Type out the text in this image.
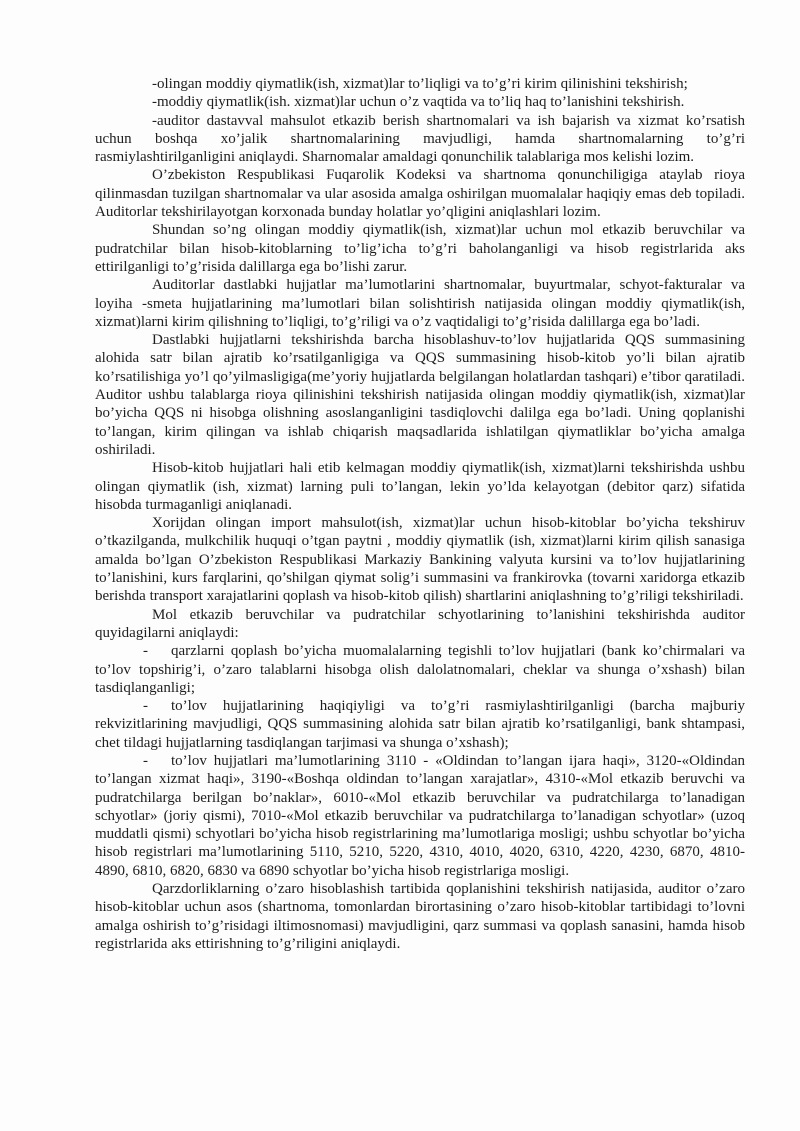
-olingan moddiy qiymatlik(ish, xizmat)lar to’liqligi va to’g’ri kirim qilinishini tekshirish;

-moddiy qiymatlik(ish. xizmat)lar uchun o’z vaqtida va to’liq haq to’lanishini tekshirish.

-auditor dastavval mahsulot etkazib berish shartnomalari va ish bajarish va xizmat ko’rsatish uchun boshqa xo’jalik shartnomalarining mavjudligi, hamda shartnomalarning to’g’ri rasmiylashtirilganligini aniqlaydi. Sharnomalar amaldagi qonunchilik talablariga mos kelishi lozim.

O’zbekiston Respublikasi Fuqarolik Kodeksi va shartnoma qonunchiligiga ataylab rioya qilinmasdan tuzilgan shartnomalar va ular asosida amalga oshirilgan muomalalar haqiqiy emas deb topiladi. Auditorlar tekshirilayotgan korxonada bunday holatlar yo’qligini aniqlashlari lozim.

Shundan so’ng olingan moddiy qiymatlik(ish, xizmat)lar uchun mol etkazib beruvchilar va pudratchilar bilan hisob-kitoblarning to’lig’icha to’g’ri baholanganligi va hisob registrlarida aks ettirilganligi to’g’risida dalillarga ega bo’lishi zarur.

Auditorlar dastlabki hujjatlar ma’lumotlarini shartnomalar, buyurtmalar, schyot-fakturalar va loyiha -smeta hujjatlarining ma’lumotlari bilan solishtirish natijasida olingan moddiy qiymatlik(ish, xizmat)larni kirim qilishning to’liqligi, to’g’riligi va o’z vaqtidaligi to’g’risida dalillarga ega bo’ladi.

Dastlabki hujjatlarni tekshirishda barcha hisoblashuv-to’lov hujjatlarida QQS summasining alohida satr bilan ajratib ko’rsatilganligiga va QQS summasining hisob-kitob yo’li bilan ajratib ko’rsatilishiga yo’l qo’yilmasligiga(me’yoriy hujjatlarda belgilangan holatlardan tashqari) e’tibor qaratiladi. Auditor ushbu talablarga rioya qilinishini tekshirish natijasida olingan moddiy qiymatlik(ish, xizmat)lar bo’yicha QQS ni hisobga olishning asoslanganligini tasdiqlovchi dalilga ega bo’ladi. Uning qoplanishi to’langan, kirim qilingan va ishlab chiqarish maqsadlarida ishlatilgan qiymatliklar bo’yicha amalga oshiriladi.

Hisob-kitob hujjatlari hali etib kelmagan moddiy qiymatlik(ish, xizmat)larni tekshirishda ushbu olingan qiymatlik (ish, xizmat) larning puli to’langan, lekin yo’lda kelayotgan (debitor qarz) sifatida hisobda turmaganligi aniqlanadi.

Xorijdan olingan import mahsulot(ish, xizmat)lar uchun hisob-kitoblar bo’yicha tekshiruv o’tkazilganda, mulkchilik huquqi o’tgan paytni , moddiy qiymatlik (ish, xizmat)larni kirim qilish sanasiga amalda bo’lgan O’zbekiston Respublikasi Markaziy Bankining valyuta kursini va to’lov hujjatlarining to’lanishini, kurs farqlarini, qo’shilgan qiymat solig’i summasini va frankirovka (tovarni xaridorga etkazib berishda transport xarajatlarini qoplash va hisob-kitob qilish) shartlarini aniqlashning to’g’riligi tekshiriladi.

Mol etkazib beruvchilar va pudratchilar schyotlarining to’lanishini tekshirishda auditor quyidagilarni aniqlaydi:

- qarzlarni qoplash bo’yicha muomalalarning tegishli to’lov hujjatlari (bank ko’chirmalari va to’lov topshirig’i, o’zaro talablarni hisobga olish dalolatnomalari, cheklar va shunga o’xshash) bilan tasdiqlanganligi;

- to’lov hujjatlarining haqiqiyligi va to’g’ri rasmiylashtirilganligi (barcha majburiy rekvizitlarining mavjudligi, QQS summasining alohida satr bilan ajratib ko’rsatilganligi, bank shtampasi, chet tildagi hujjatlarning tasdiqlangan tarjimasi va shunga o’xshash);

- to’lov hujjatlari ma’lumotlarining 3110 - «Oldindan to’langan ijara haqi», 3120-«Oldindan to’langan xizmat haqi», 3190-«Boshqa oldindan to’langan xarajatlar», 4310-«Mol etkazib beruvchi va pudratchilarga berilgan bo’naklar», 6010-«Mol etkazib beruvchilar va pudratchilarga to’lanadigan schyotlar» (joriy qismi), 7010-«Mol etkazib beruvchilar va pudratchilarga to’lanadigan schyotlar» (uzoq muddatli qismi) schyotlari bo’yicha hisob registrlarining ma’lumotlariga mosligi; ushbu schyotlar bo’yicha hisob registrlari ma’lumotlarining 5110, 5210, 5220, 4310, 4010, 4020, 6310, 4220, 4230, 6870, 4810-4890, 6810, 6820, 6830 va 6890 schyotlar bo’yicha hisob registrlariga mosligi.

Qarzdorliklarning o’zaro hisoblashish tartibida qoplanishini tekshirish natijasida, auditor o’zaro hisob-kitoblar uchun asos (shartnoma, tomonlardan birortasining o’zaro hisob-kitoblar tartibidagi to’lovni amalga oshirish to’g’risidagi iltimosnomasi) mavjudligini, qarz summasi va qoplash sanasini, hamda hisob registrlarida aks ettirishning to’g’riligini aniqlaydi.
